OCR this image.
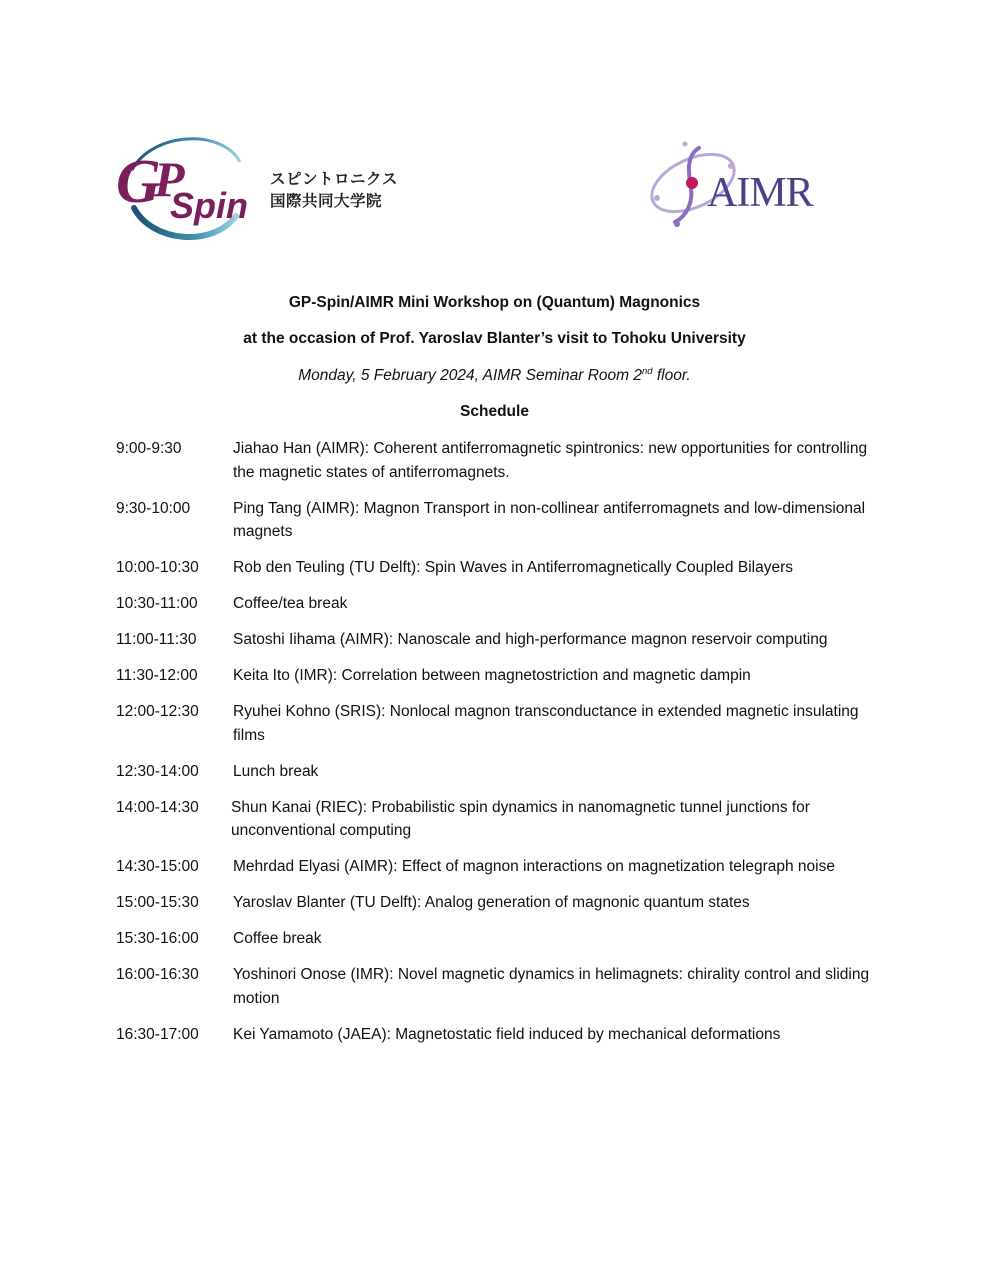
G
P
Spin
スピントロニクス
国際共同大学院	AIMR
GP-Spin/AIMR Mini Workshop on (Quantum) Magnonics
at the occasion of Prof. Yaroslav Blanter’s visit to Tohoku University
Monday, 5 February 2024, AIMR Seminar Room 2nd floor.
Schedule
9:00-9:30	Jiahao Han (AIMR): Coherent antiferromagnetic spintronics: new opportunities for controlling the magnetic states of antiferromagnets.
9:30-10:00	Ping Tang (AIMR): Magnon Transport in non-collinear antiferromagnets and low-dimensional magnets
10:00-10:30	Rob den Teuling (TU Delft): Spin Waves in Antiferromagnetically Coupled Bilayers
10:30-11:00	Coffee/tea break
11:00-11:30	Satoshi Iihama (AIMR): Nanoscale and high-performance magnon reservoir computing
11:30-12:00	Keita Ito (IMR): Correlation between magnetostriction and magnetic dampin
12:00-12:30	Ryuhei Kohno (SRIS): Nonlocal magnon transconductance in extended magnetic insulating films
12:30-14:00	Lunch break
14:00-14:30	Shun Kanai (RIEC): Probabilistic spin dynamics in nanomagnetic tunnel junctions for unconventional computing
14:30-15:00	Mehrdad Elyasi (AIMR): Effect of magnon interactions on magnetization telegraph noise
15:00-15:30	Yaroslav Blanter (TU Delft): Analog generation of magnonic quantum states
15:30-16:00	Coffee break
16:00-16:30	Yoshinori Onose (IMR): Novel magnetic dynamics in helimagnets: chirality control and sliding motion
16:30-17:00	Kei Yamamoto (JAEA): Magnetostatic field induced by mechanical deformations
